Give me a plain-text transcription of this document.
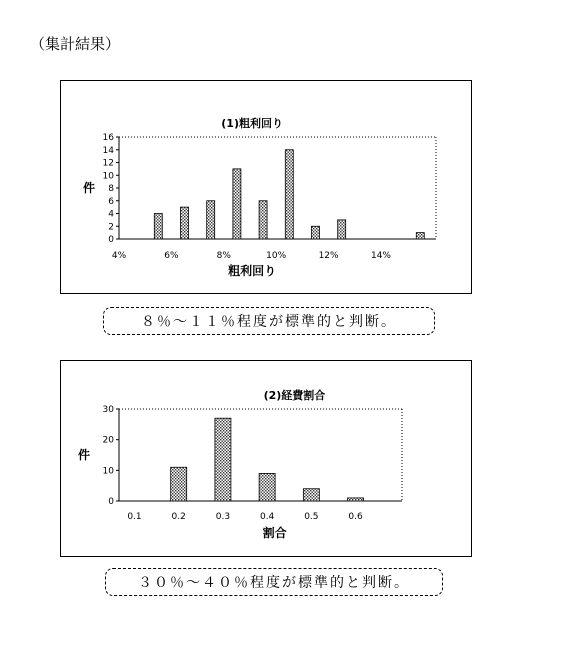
（集計結果）
(1)粗利回り
0
2
4
6
8
10
12
14
16
4%	6%	8%	10%	12%	14%
粗利回り
件
８％～１１％程度が標準的と判断。
(2)経費割合
0
10
20
30
0.1	0.2	0.3	0.4	0.5	0.6
割合
件
３０％～４０％程度が標準的と判断。
